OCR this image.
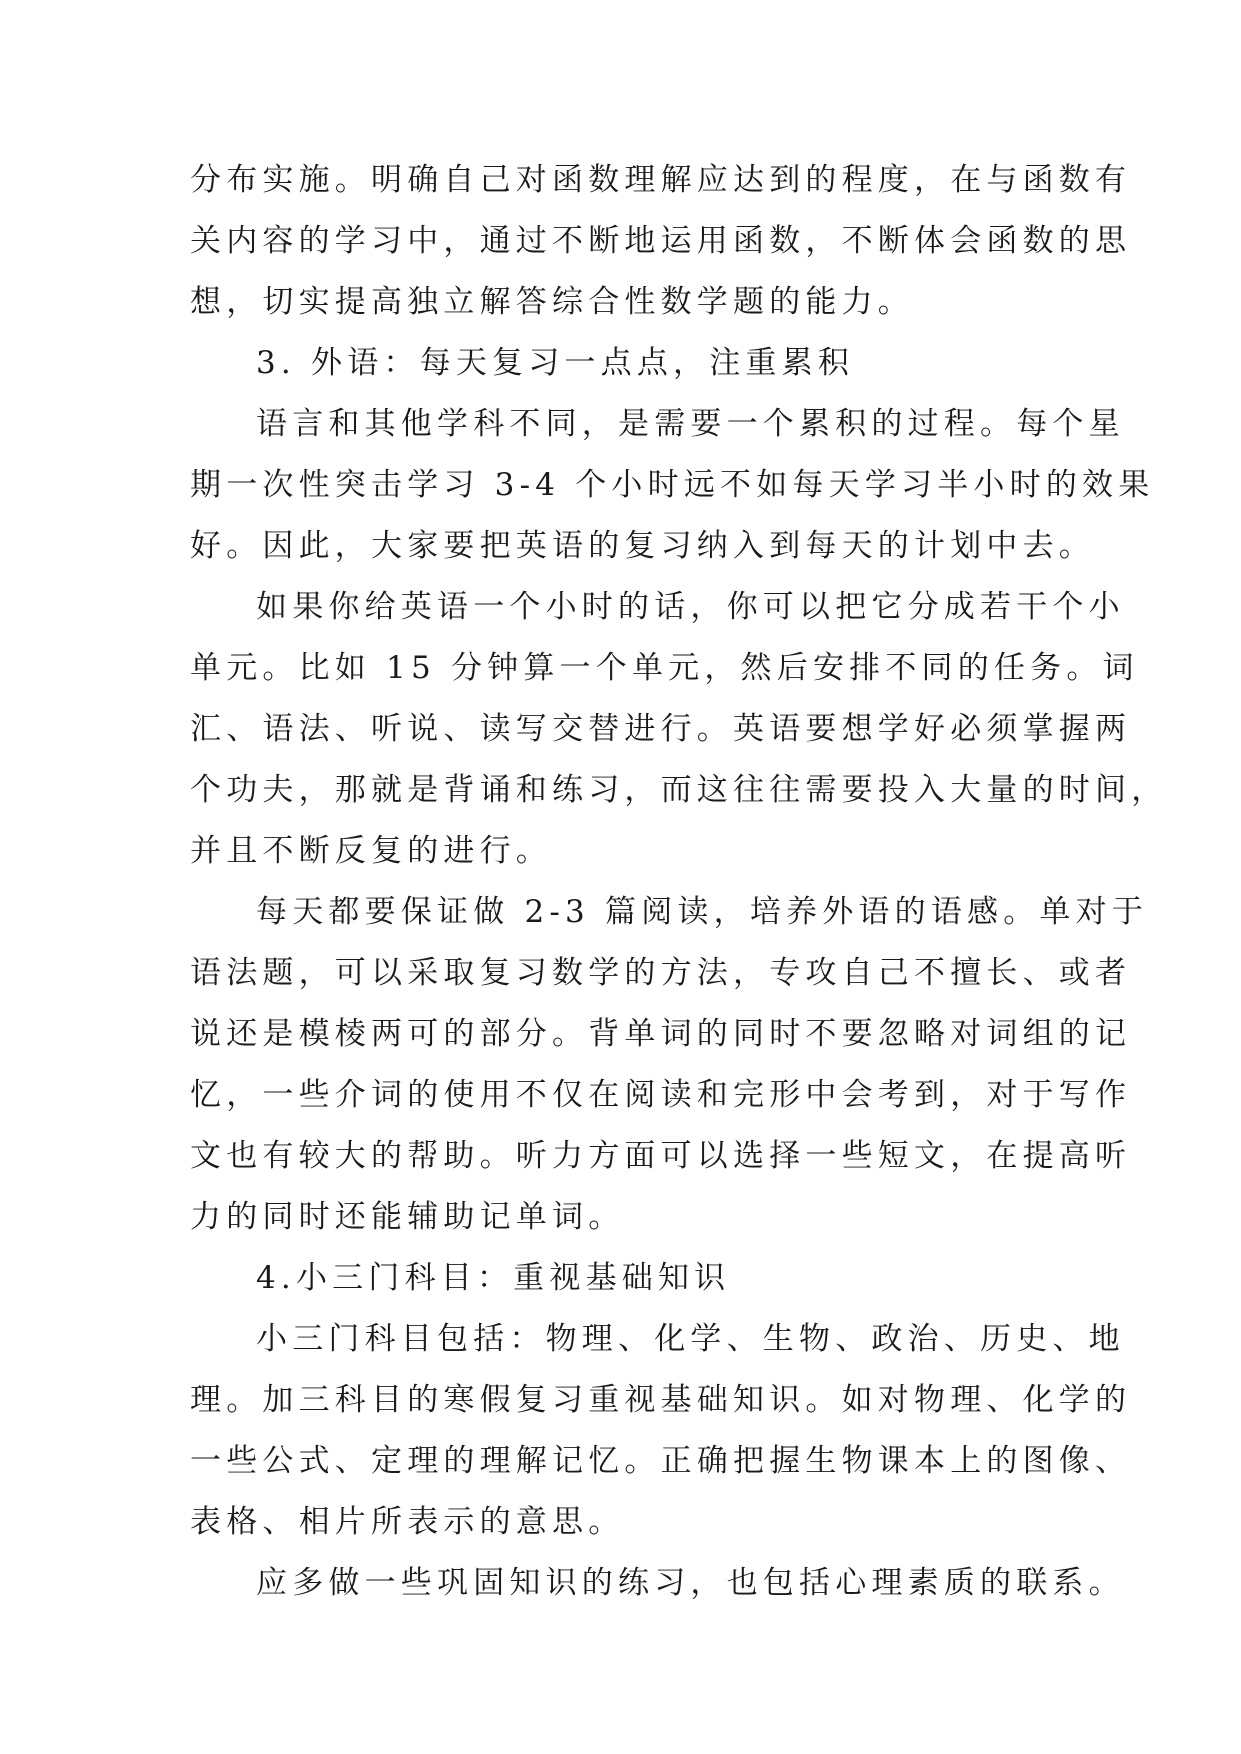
分布实施。明确自己对函数理解应达到的程度，在与函数有
关内容的学习中，通过不断地运用函数，不断体会函数的思
想，切实提高独立解答综合性数学题的能力。
3. 外语：每天复习一点点，注重累积
语言和其他学科不同，是需要一个累积的过程。每个星
期一次性突击学习 3-4 个小时远不如每天学习半小时的效果
好。因此，大家要把英语的复习纳入到每天的计划中去。
如果你给英语一个小时的话，你可以把它分成若干个小
单元。比如 15 分钟算一个单元，然后安排不同的任务。词
汇、语法、听说、读写交替进行。英语要想学好必须掌握两
个功夫，那就是背诵和练习，而这往往需要投入大量的时间，
并且不断反复的进行。
每天都要保证做 2-3 篇阅读，培养外语的语感。单对于
语法题，可以采取复习数学的方法，专攻自己不擅长、或者
说还是模棱两可的部分。背单词的同时不要忽略对词组的记
忆，一些介词的使用不仅在阅读和完形中会考到，对于写作
文也有较大的帮助。听力方面可以选择一些短文，在提高听
力的同时还能辅助记单词。
4.小三门科目：重视基础知识
小三门科目包括：物理、化学、生物、政治、历史、地
理。加三科目的寒假复习重视基础知识。如对物理、化学的
一些公式、定理的理解记忆。正确把握生物课本上的图像、
表格、相片所表示的意思。
应多做一些巩固知识的练习，也包括心理素质的联系。
